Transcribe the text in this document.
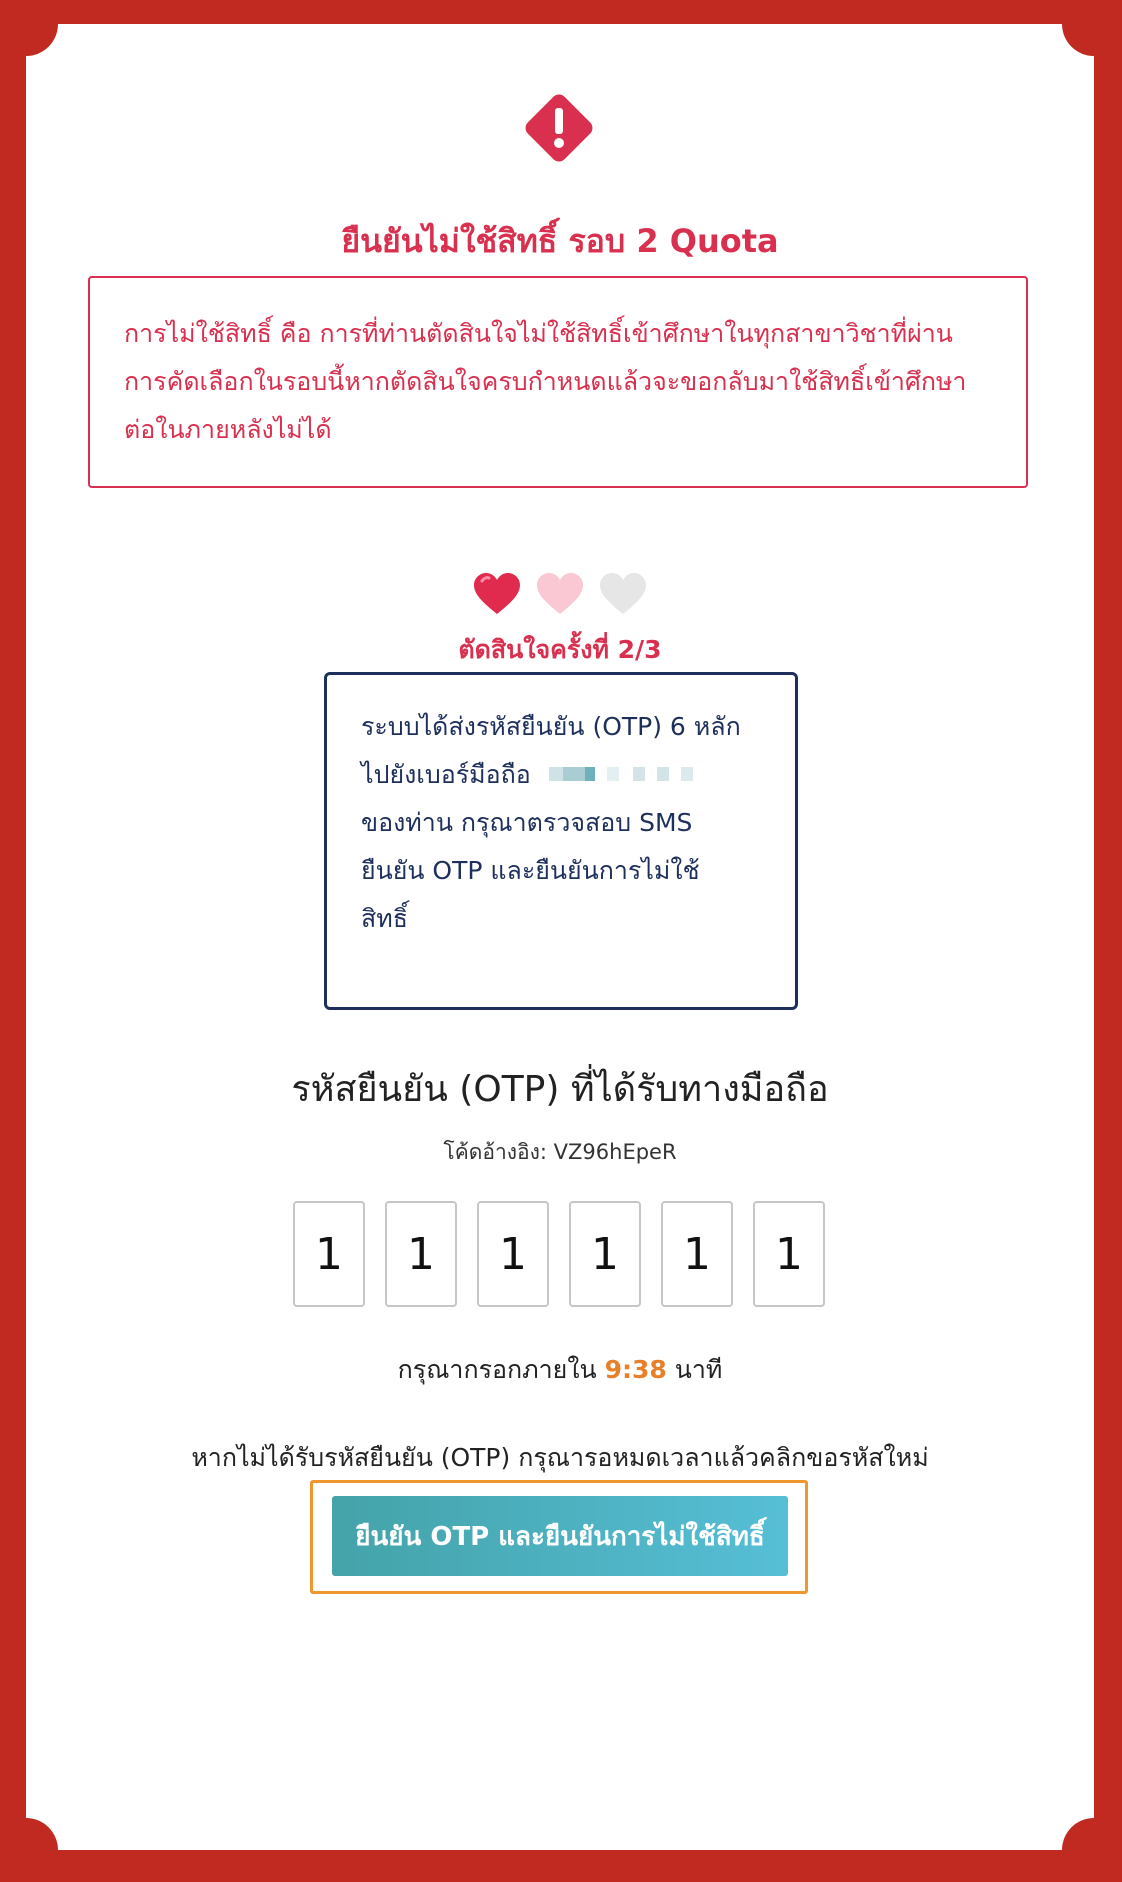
ยืนยันไม่ใช้สิทธิ์ รอบ 2 Quota
การไม่ใช้สิทธิ์ คือ การที่ท่านตัดสินใจไม่ใช้สิทธิ์เข้าศึกษาในทุกสาขาวิชาที่ผ่านการคัดเลือกในรอบนี้หากตัดสินใจครบกำหนดแล้วจะขอกลับมาใช้สิทธิ์เข้าศึกษาต่อในภายหลังไม่ได้

ตัดสินใจครั้งที่ 2/3
ระบบได้ส่งรหัสยืนยัน (OTP) 6 หลัก
ไปยังเบอร์มือถือ
ของท่าน กรุณาตรวจสอบ SMS
ยืนยัน OTP และยืนยันการไม่ใช้
สิทธิ์
รหัสยืนยัน (OTP) ที่ได้รับทางมือถือ
โค้ดอ้างอิง: VZ96hEpeR
1
1
1
1
1
1
กรุณากรอกภายใน 9:38 นาที
หากไม่ได้รับรหัสยืนยัน (OTP) กรุณารอหมดเวลาแล้วคลิกขอรหัสใหม่
ยืนยัน OTP และยืนยันการไม่ใช้สิทธิ์
